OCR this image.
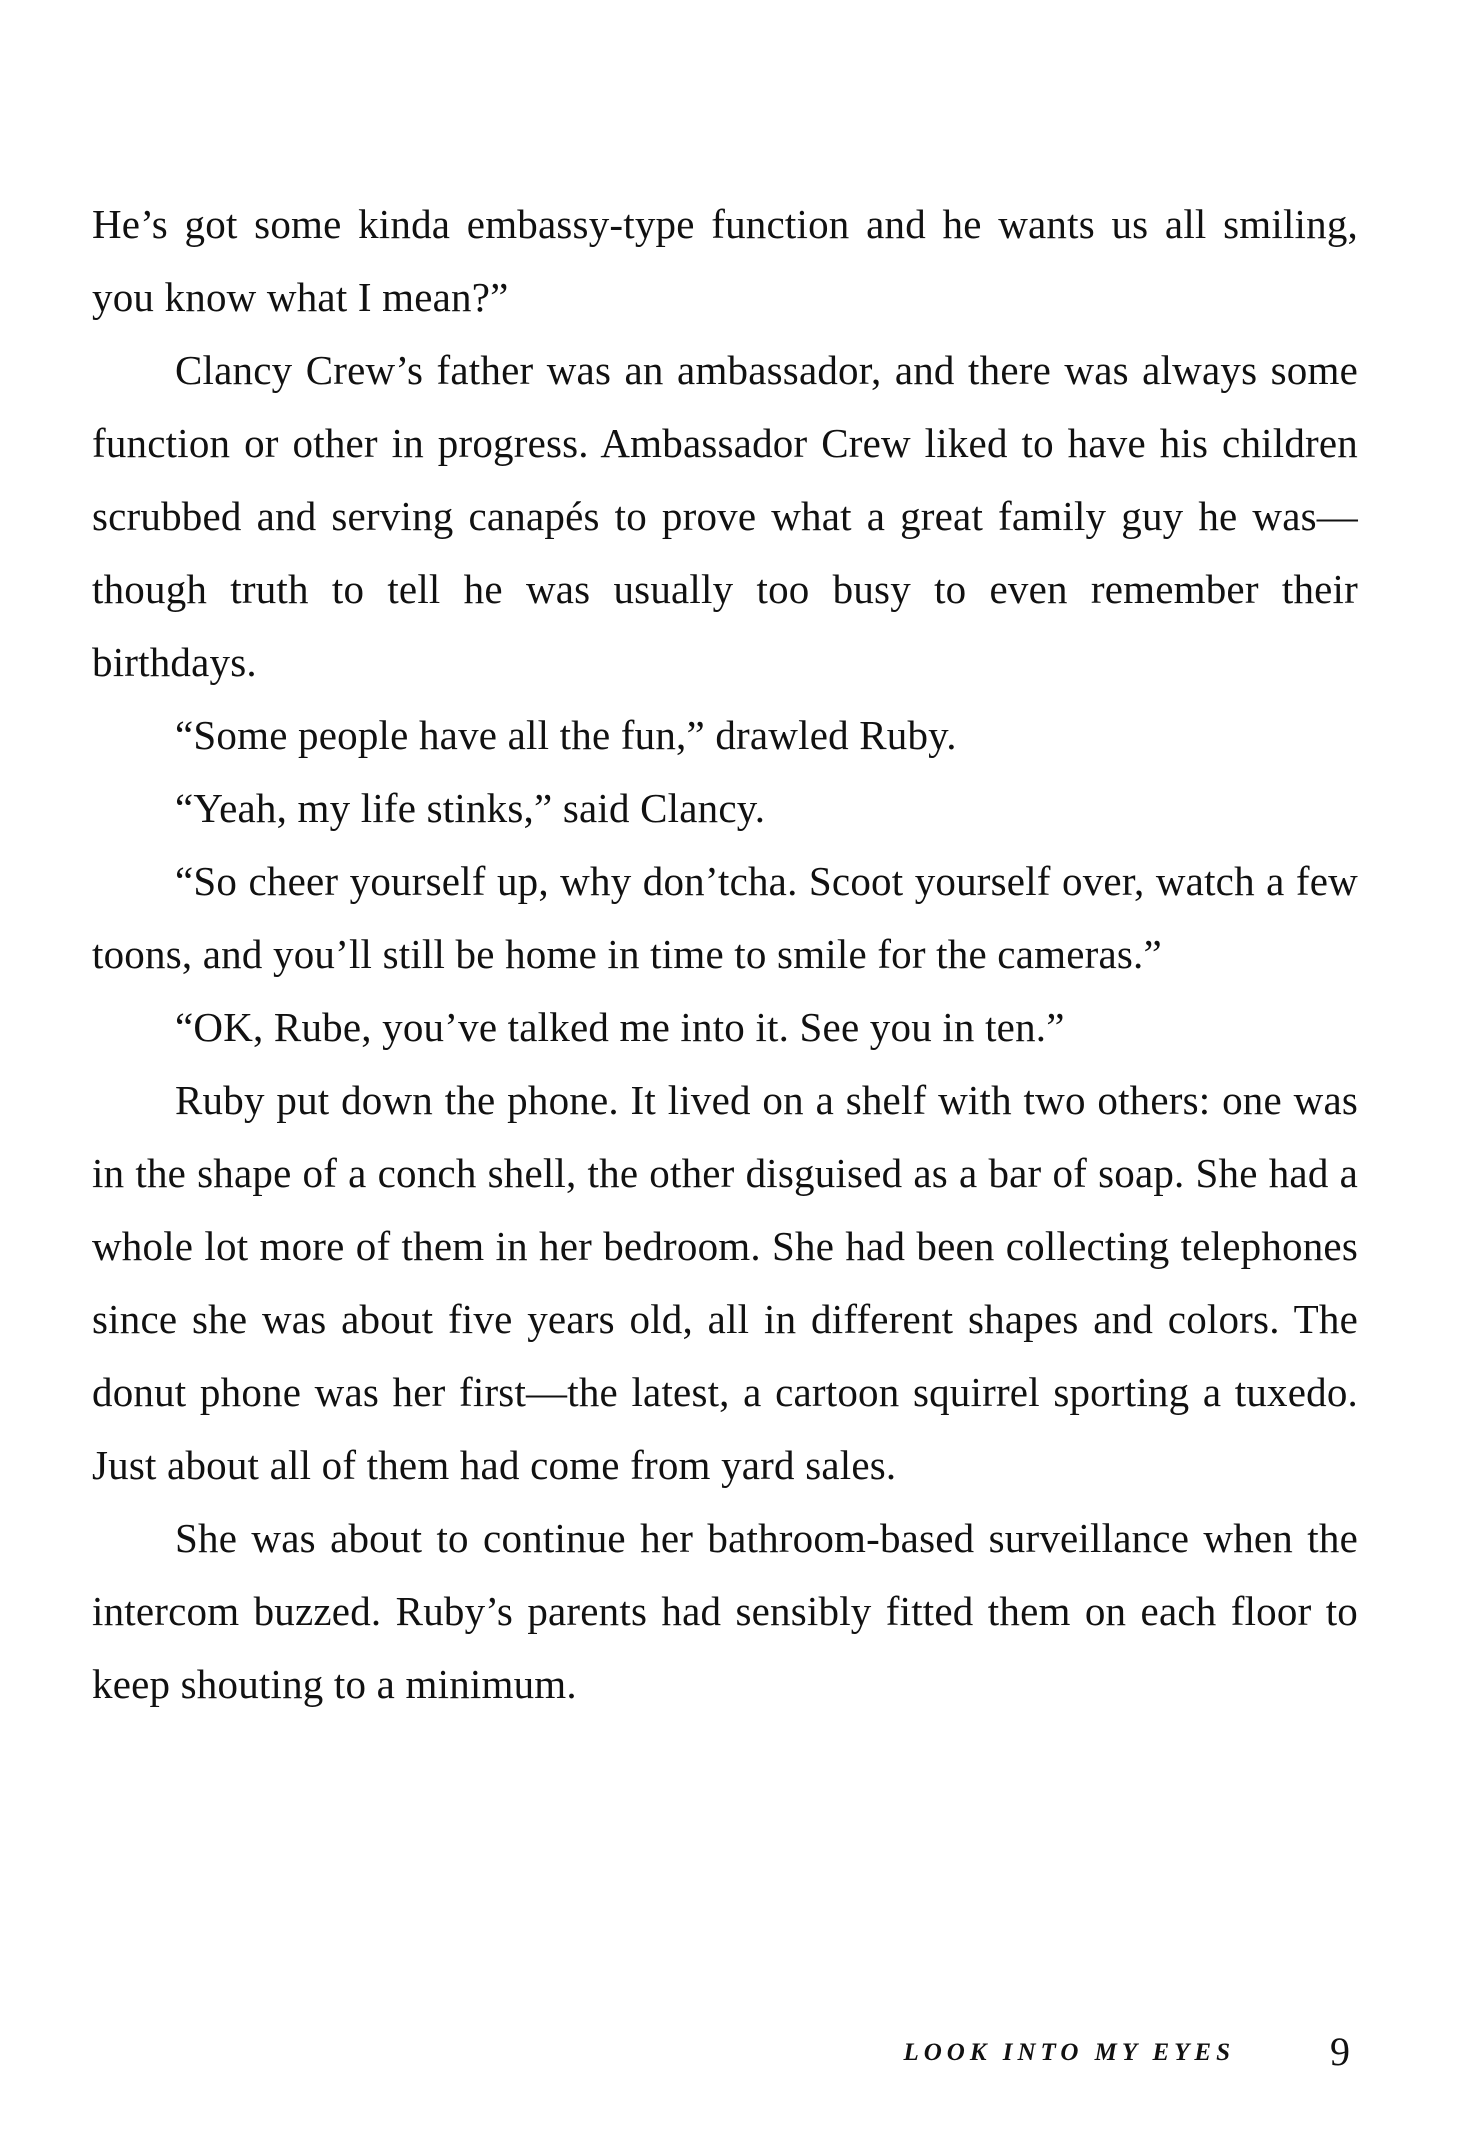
He’s got some kinda embassy-type function and he wants us all smiling, you know what I mean?”

Clancy Crew’s father was an ambassador, and there was always some function or other in progress. Ambassador Crew liked to have his children scrubbed and serving canapés to prove what a great family guy he was—though truth to tell he was usually too busy to even remember their birthdays.

“Some people have all the fun,” drawled Ruby.

“Yeah, my life stinks,” said Clancy.

“So cheer yourself up, why don’tcha. Scoot yourself over, watch a few toons, and you’ll still be home in time to smile for the cameras.”

“OK, Rube, you’ve talked me into it. See you in ten.”

Ruby put down the phone. It lived on a shelf with two others: one was in the shape of a conch shell, the other disguised as a bar of soap. She had a whole lot more of them in her bedroom. She had been collecting telephones since she was about five years old, all in different shapes and colors. The donut phone was her first—the latest, a cartoon squirrel sporting a tuxedo. Just about all of them had come from yard sales.

She was about to continue her bathroom-based surveillance when the intercom buzzed. Ruby’s parents had sensibly fitted them on each floor to keep shouting to a minimum.

LOOK INTO MY EYES 9
